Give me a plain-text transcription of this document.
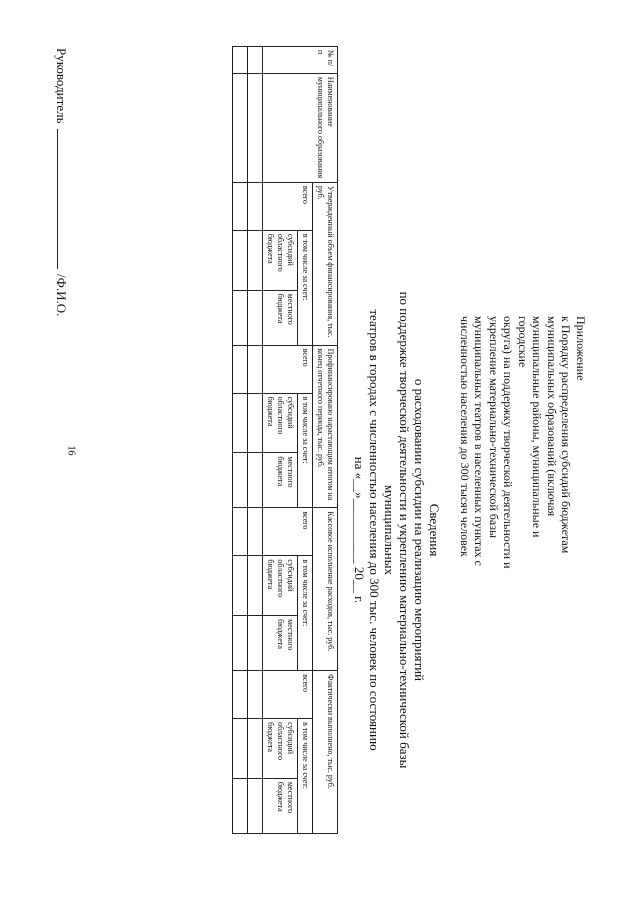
16
Приложение
к Порядку распределения субсидий бюджетам
муниципальных образований (включая
муниципальные районы, муниципальные и городские
округа) на поддержку творческой деятельности и
укрепление материально-технической базы
муниципальных театров в населенных пунктах с
численностью населения до 300 тысяч человек
Сведения
о расходовании субсидии на реализацию мероприятий
по поддержке творческой деятельности и укреплению материально-технической базы муниципальных
театров в городах с численностью населения до 300 тыс. человек по состоянию
на «__»__________ 20__ г.
№ п/п	Наименование муниципального образования	Утвержденный объем финансирования, тыс. руб.			Профинансировано нарастающим итогом на конец отчетного периода, тыс. руб.			Кассовое исполнение расходов, тыс. руб.			Фактически выполнено, тыс. руб.		
		всего	в том числе за счет:		всего	в том числе за счет:		всего	в том числе за счет:		всего	в том числе за счет:	
			субсидий областного бюджета	местного бюджета		субсидий областного бюджета	местного бюджета		субсидий областного бюджета	местного бюджета		субсидий областного бюджета	местного бюджета

Руководитель  /Ф.И.О.
